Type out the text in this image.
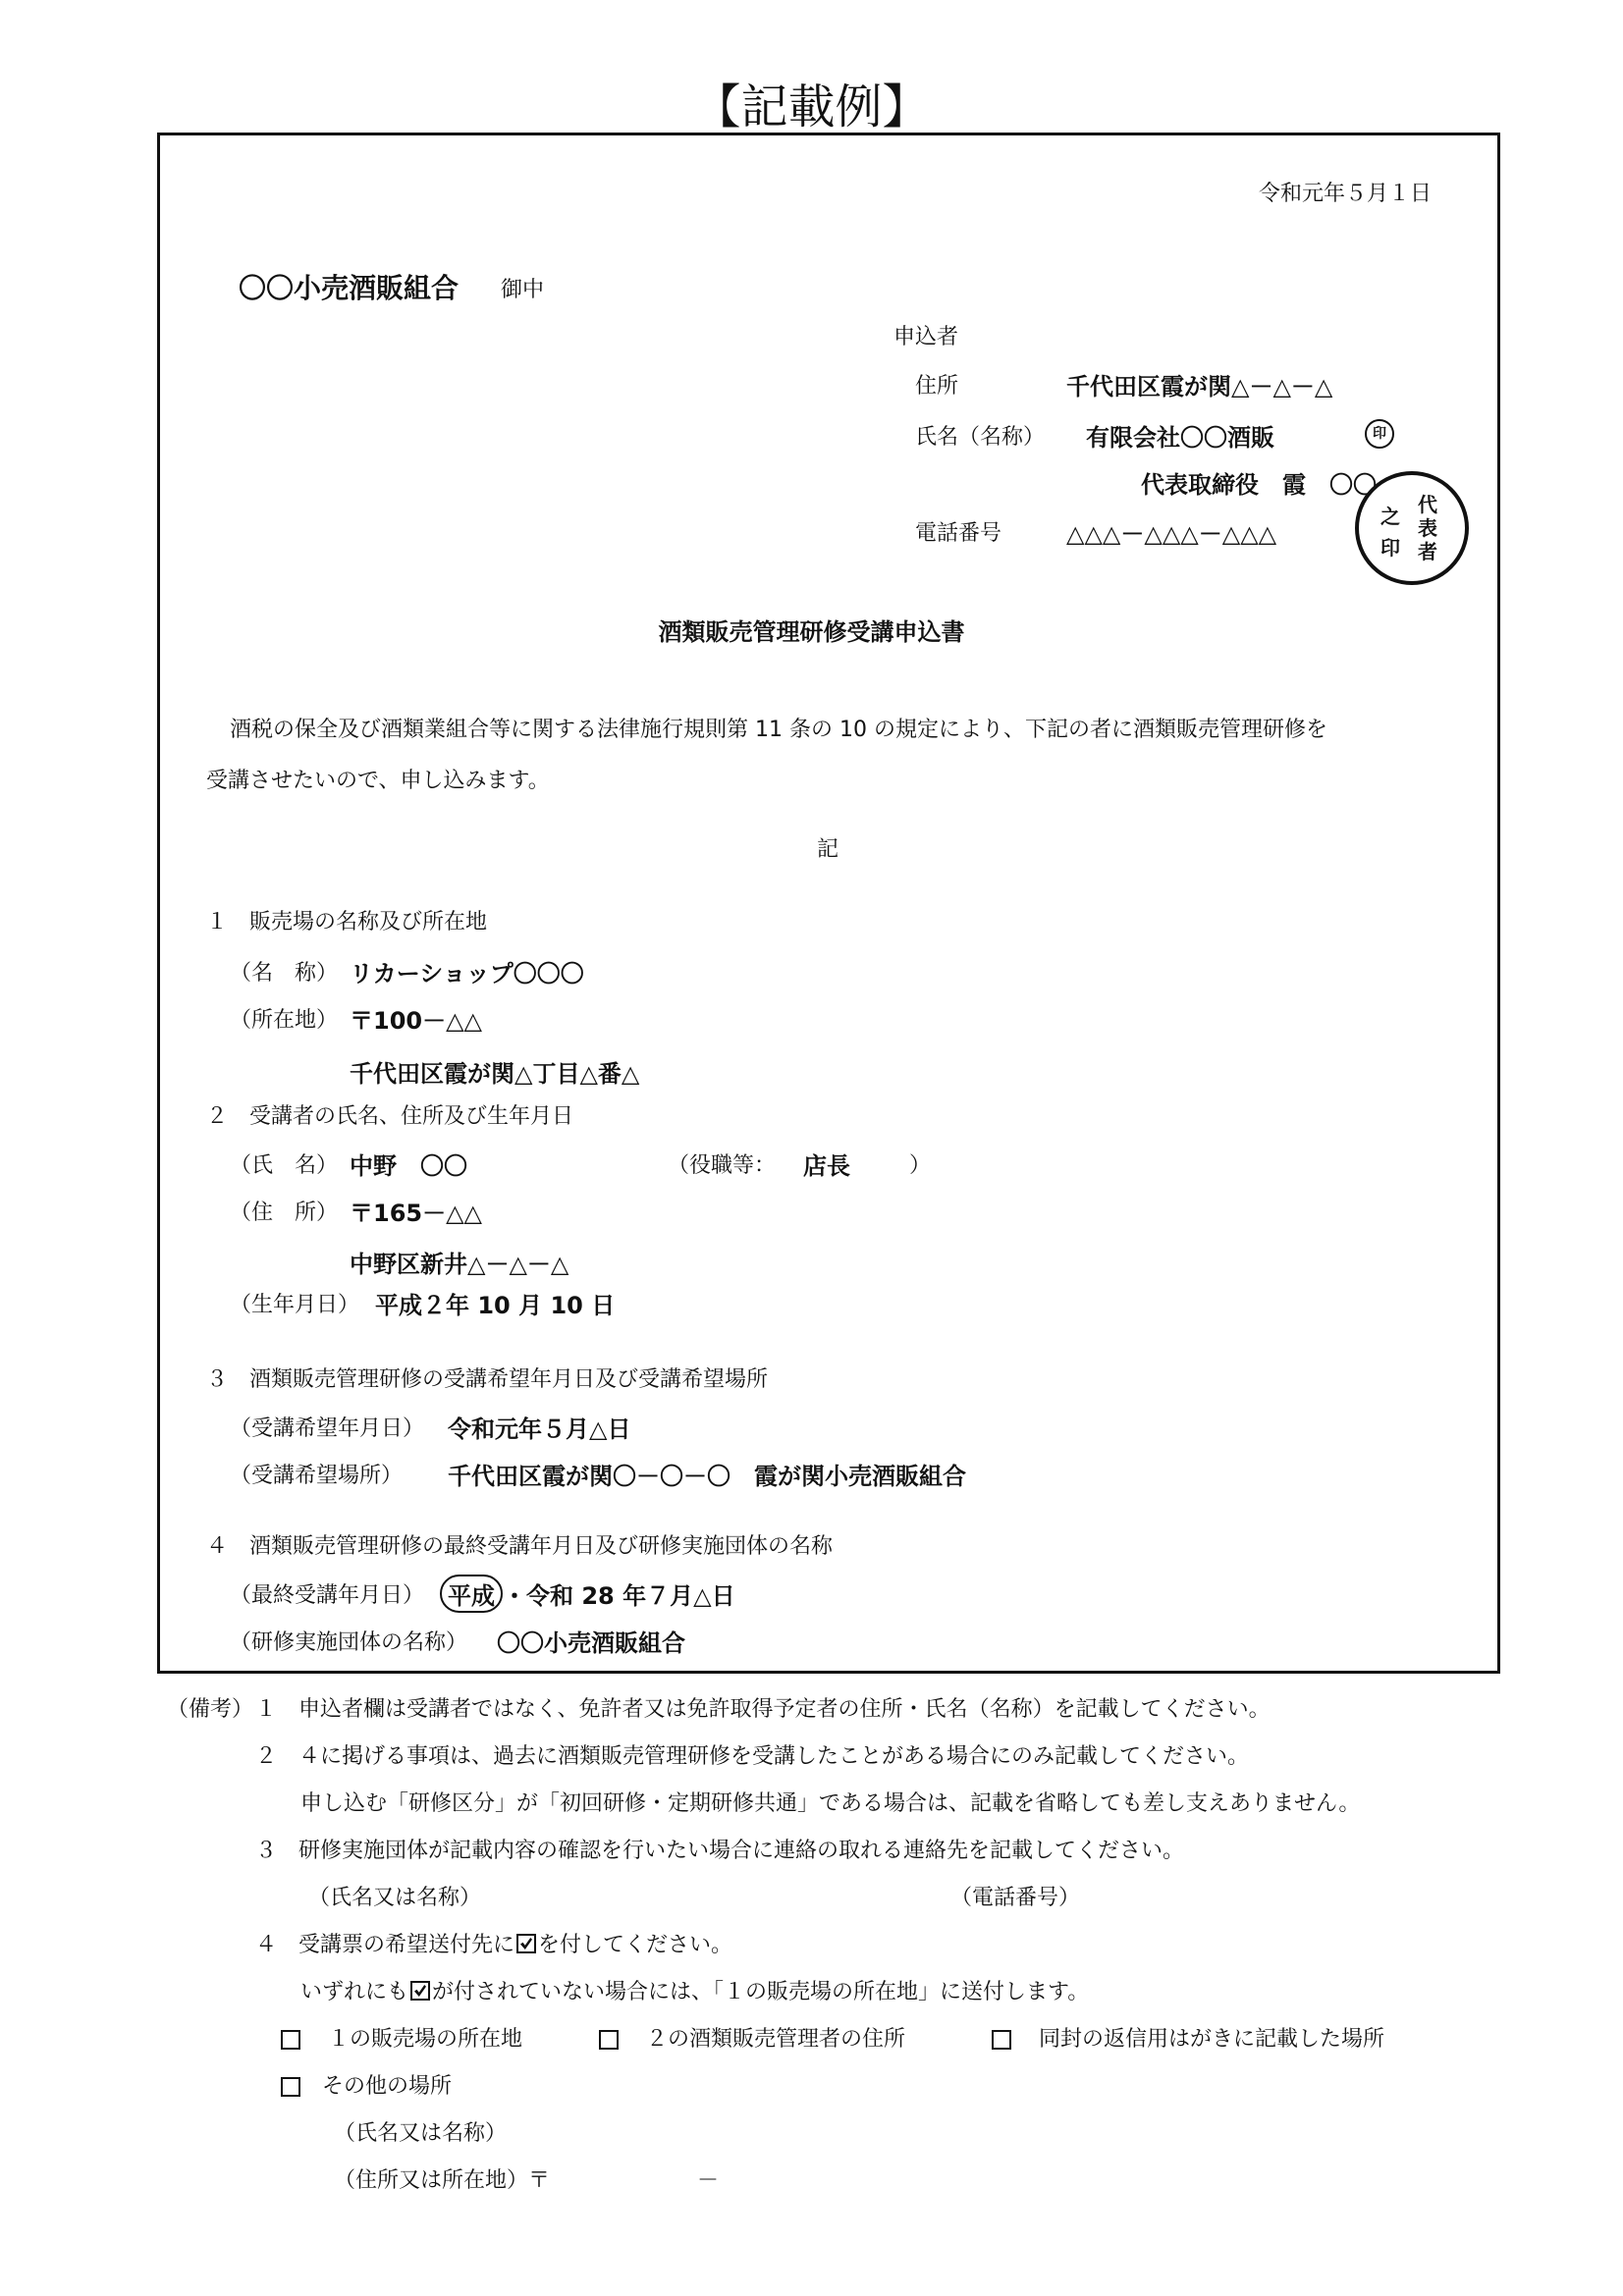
【記載例】
令和元年５月１日
〇〇小売酒販組合 御中
申込者
住所	千代田区霞が関△－△－△
氏名（名称） 有限会社〇〇酒販	印
代表取締役　霞　〇〇
電話番号	△△△－△△△－△△△
代
表
者
之
印
酒類販売管理研修受講申込書
酒税の保全及び酒類業組合等に関する法律施行規則第 11 条の 10 の規定により、下記の者に酒類販売管理研修を
受講させたいので、申し込みます。
記
１　販売場の名称及び所在地
（名　称） リカーショップ〇〇〇
（所在地） 〒100－△△
千代田区霞が関△丁目△番△
２　受講者の氏名、住所及び生年月日
（氏　名） 中野　〇〇	（役職等： 店長	）
（住　所） 〒165－△△
中野区新井△－△－△
（生年月日） 平成２年 10 月 10 日
３　酒類販売管理研修の受講希望年月日及び受講希望場所
（受講希望年月日） 令和元年５月△日
（受講希望場所） 千代田区霞が関〇－〇－〇　霞が関小売酒販組合
４　酒類販売管理研修の最終受講年月日及び研修実施団体の名称
（最終受講年月日） 平成 ・令和 28 年７月△日
（研修実施団体の名称） 〇〇小売酒販組合
（備考） １　申込者欄は受講者ではなく、免許者又は免許取得予定者の住所・氏名（名称）を記載してください。
２　４に掲げる事項は、過去に酒類販売管理研修を受講したことがある場合にのみ記載してください。
申し込む「研修区分」が「初回研修・定期研修共通」である場合は、記載を省略しても差し支えありません。
３　研修実施団体が記載内容の確認を行いたい場合に連絡の取れる連絡先を記載してください。
（氏名又は名称）	（電話番号）
４　受講票の希望送付先に を付してください。
いずれにも が付されていない場合には、「１の販売場の所在地」に送付します。
１の販売場の所在地	２の酒類販売管理者の住所	同封の返信用はがきに記載した場所
その他の場所
（氏名又は名称）
（住所又は所在地）〒	－
